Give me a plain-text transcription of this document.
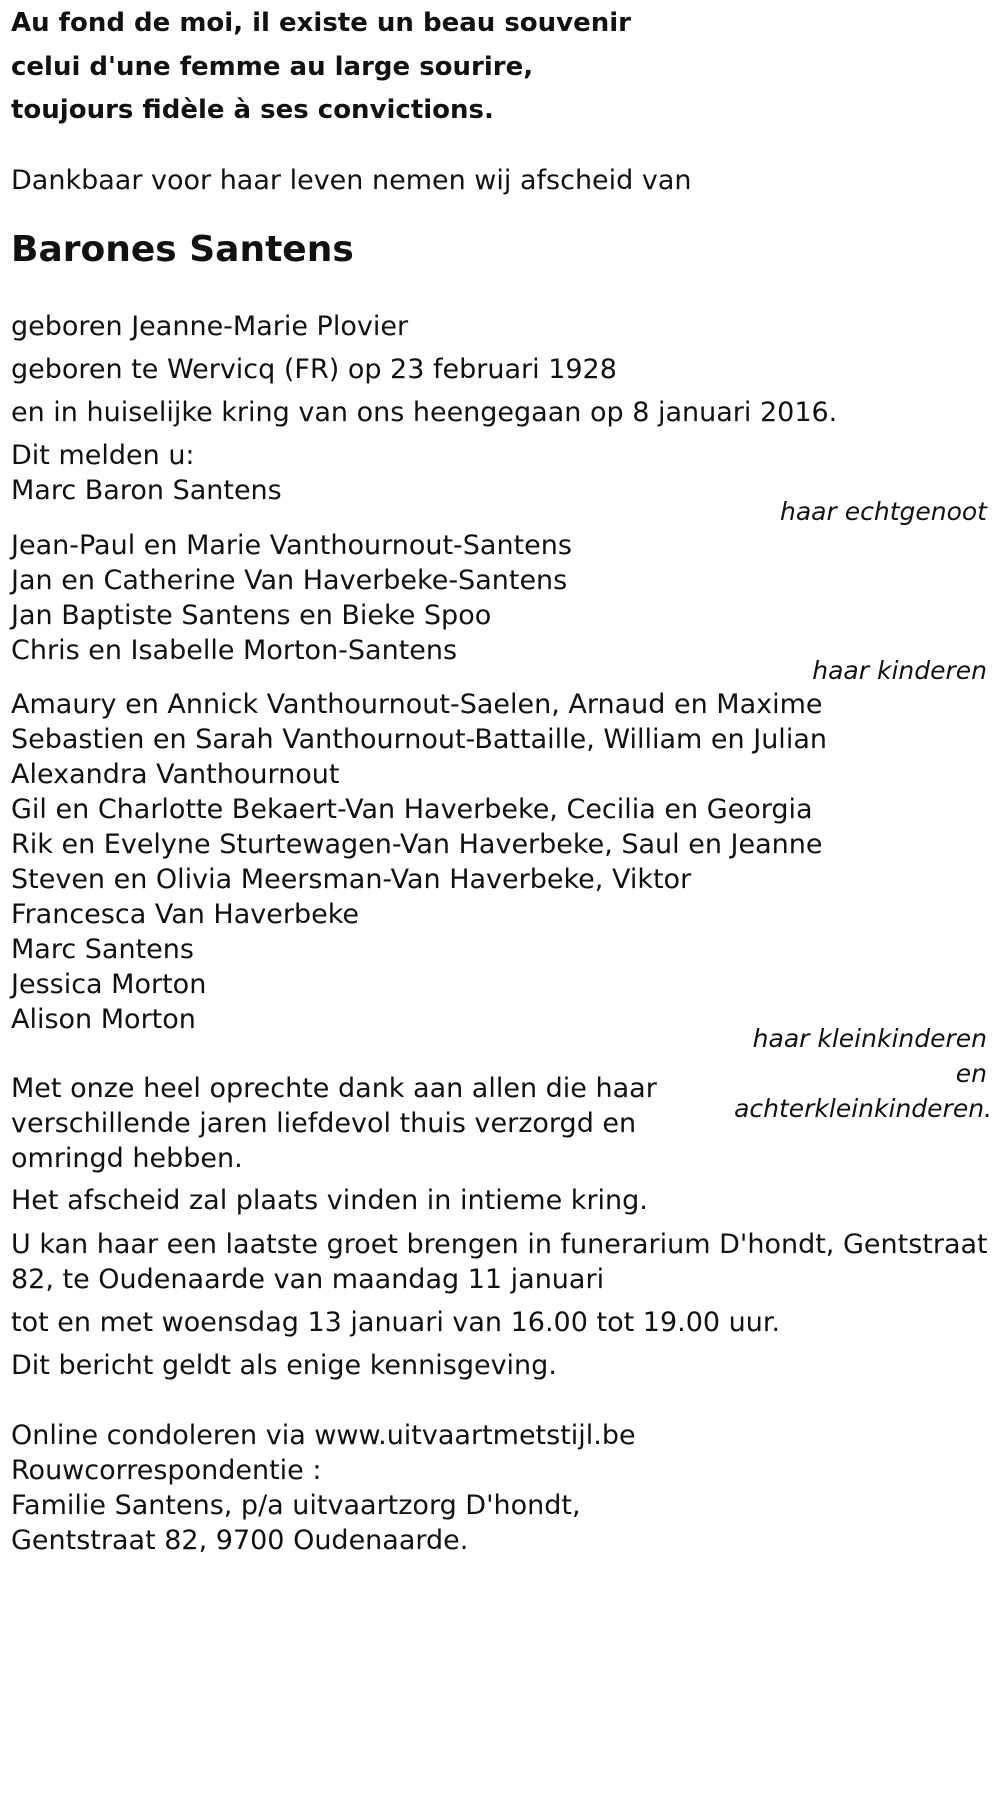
Au fond de moi, il existe un beau souvenir

celui d'une femme au large sourire,

toujours fidèle à ses convictions.

Dankbaar voor haar leven nemen wij afscheid van

Barones Santens

geboren Jeanne-Marie Plovier

geboren te Wervicq (FR) op 23 februari 1928

en in huiselijke kring van ons heengegaan op 8 januari 2016.

Dit melden u:

Marc Baron Santens

haar echtgenoot

Jean-Paul en Marie Vanthournout-Santens

Jan en Catherine Van Haverbeke-Santens

Jan Baptiste Santens en Bieke Spoo

Chris en Isabelle Morton-Santens

haar kinderen

Amaury en Annick Vanthournout-Saelen, Arnaud en Maxime

Sebastien en Sarah Vanthournout-Battaille, William en Julian

Alexandra Vanthournout

Gil en Charlotte Bekaert-Van Haverbeke, Cecilia en Georgia

Rik en Evelyne Sturtewagen-Van Haverbeke, Saul en Jeanne

Steven en Olivia Meersman-Van Haverbeke, Viktor

Francesca Van Haverbeke

Marc Santens

Jessica Morton

Alison Morton

haar kleinkinderen

en

achterkleinkinderen.

Met onze heel oprechte dank aan allen die haar

verschillende jaren liefdevol thuis verzorgd en

omringd hebben.

Het afscheid zal plaats vinden in intieme kring.

U kan haar een laatste groet brengen in funerarium D'hondt, Gentstraat

82, te Oudenaarde van maandag 11 januari

tot en met woensdag 13 januari van 16.00 tot 19.00 uur.

Dit bericht geldt als enige kennisgeving.

Online condoleren via www.uitvaartmetstijl.be

Rouwcorrespondentie :

Familie Santens, p/a uitvaartzorg D'hondt,

Gentstraat 82, 9700 Oudenaarde.
